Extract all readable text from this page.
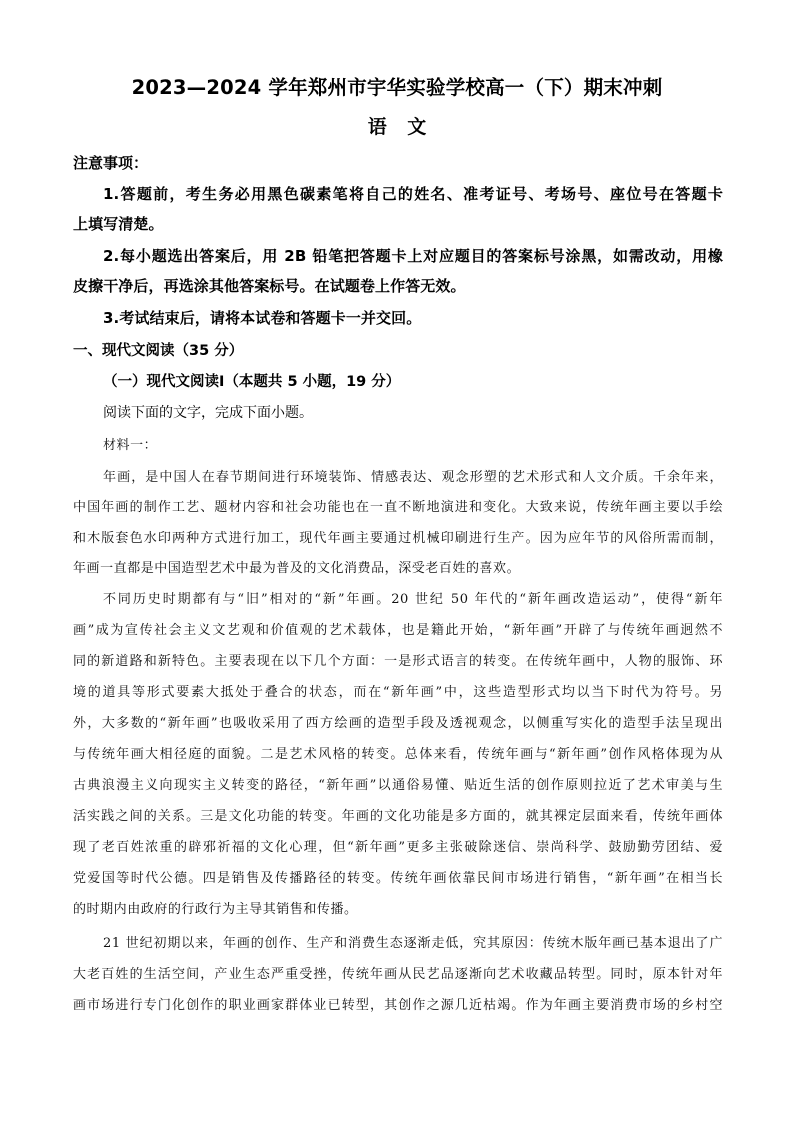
2023—2024 学年郑州市宇华实验学校高一（下）期末冲刺
语 文
注意事项：
1.答题前，考生务必用黑色碳素笔将自己的姓名、准考证号、考场号、座位号在答题卡
上填写清楚。
2.每小题选出答案后，用 2B 铅笔把答题卡上对应题目的答案标号涂黑，如需改动，用橡
皮擦干净后，再选涂其他答案标号。在试题卷上作答无效。
3.考试结束后，请将本试卷和答题卡一并交回。
一、现代文阅读（35 分）
（一）现代文阅读Ⅰ（本题共 5 小题，19 分）
阅读下面的文字，完成下面小题。
材料一：
年画，是中国人在春节期间进行环境装饰、情感表达、观念形塑的艺术形式和人文介质。千余年来，
中国年画的制作工艺、题材内容和社会功能也在一直不断地演进和变化。大致来说，传统年画主要以手绘
和木版套色水印两种方式进行加工，现代年画主要通过机械印刷进行生产。因为应年节的风俗所需而制，
年画一直都是中国造型艺术中最为普及的文化消费品，深受老百姓的喜欢。
不同历史时期都有与“旧”相对的“新”年画。20 世纪 50 年代的“新年画改造运动”，使得“新年
画”成为宣传社会主义文艺观和价值观的艺术载体，也是籍此开始，“新年画”开辟了与传统年画迥然不
同的新道路和新特色。主要表现在以下几个方面：一是形式语言的转变。在传统年画中，人物的服饰、环
境的道具等形式要素大抵处于叠合的状态，而在“新年画”中，这些造型形式均以当下时代为符号。另
外，大多数的“新年画”也吸收采用了西方绘画的造型手段及透视观念，以侧重写实化的造型手法呈现出
与传统年画大相径庭的面貌。二是艺术风格的转变。总体来看，传统年画与“新年画”创作风格体现为从
古典浪漫主义向现实主义转变的路径，“新年画”以通俗易懂、贴近生活的创作原则拉近了艺术审美与生
活实践之间的关系。三是文化功能的转变。年画的文化功能是多方面的，就其裸定层面来看，传统年画体
现了老百姓浓重的辟邪祈福的文化心理，但“新年画”更多主张破除迷信、崇尚科学、鼓励勤劳团结、爱
党爱国等时代公德。四是销售及传播路径的转变。传统年画依靠民间市场进行销售，“新年画”在相当长
的时期内由政府的行政行为主导其销售和传播。
21 世纪初期以来，年画的创作、生产和消费生态逐渐走低，究其原因：传统木版年画已基本退出了广
大老百姓的生活空间，产业生态严重受挫，传统年画从民艺品逐渐向艺术收藏品转型。同时，原本针对年
画市场进行专门化创作的职业画家群体业已转型，其创作之源几近枯竭。作为年画主要消费市场的乡村空
